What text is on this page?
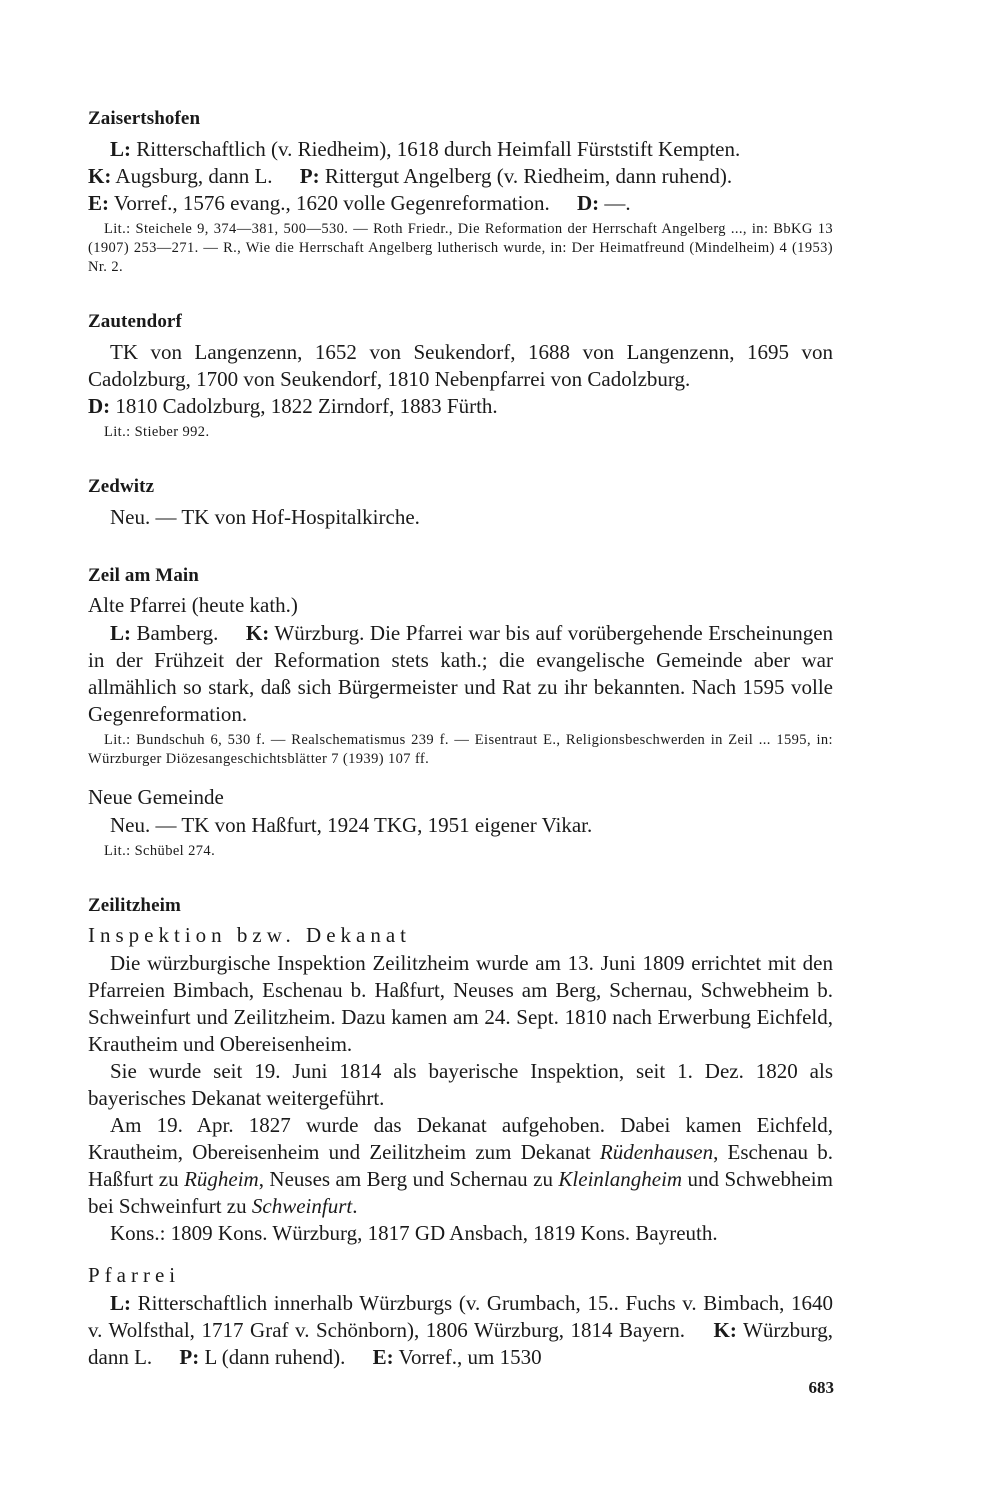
Zaisertshofen

L: Ritterschaftlich (v. Riedheim), 1618 durch Heimfall Fürststift Kempten.

K: Augsburg, dann L. P: Rittergut Angelberg (v. Riedheim, dann ruhend).

E: Vorref., 1576 evang., 1620 volle Gegenreformation. D: —.

Lit.: Steichele 9, 374—381, 500—530. — Roth Friedr., Die Reformation der Herrschaft Angelberg ..., in: BbKG 13 (1907) 253—271. — R., Wie die Herrschaft Angelberg lutherisch wurde, in: Der Heimatfreund (Mindelheim) 4 (1953) Nr. 2.

Zautendorf

TK von Langenzenn, 1652 von Seukendorf, 1688 von Langenzenn, 1695 von Cadolzburg, 1700 von Seukendorf, 1810 Nebenpfarrei von Cadolzburg.

D: 1810 Cadolzburg, 1822 Zirndorf, 1883 Fürth.

Lit.: Stieber 992.

Zedwitz

Neu. — TK von Hof-Hospitalkirche.

Zeil am Main
Alte Pfarrei (heute kath.)

L: Bamberg. K: Würzburg. Die Pfarrei war bis auf vorübergehende Erscheinungen in der Frühzeit der Reformation stets kath.; die evangelische Gemeinde aber war allmählich so stark, daß sich Bürgermeister und Rat zu ihr bekannten. Nach 1595 volle Gegenreformation.

Lit.: Bundschuh 6, 530 f. — Realschematismus 239 f. — Eisentraut E., Religionsbeschwerden in Zeil ... 1595, in: Würzburger Diözesangeschichtsblätter 7 (1939) 107 ff.

Neue Gemeinde

Neu. — TK von Haßfurt, 1924 TKG, 1951 eigener Vikar.

Lit.: Schübel 274.

Zeilitzheim
Inspektion bzw. Dekanat

Die würzburgische Inspektion Zeilitzheim wurde am 13. Juni 1809 errichtet mit den Pfarreien Bimbach, Eschenau b. Haßfurt, Neuses am Berg, Schernau, Schwebheim b. Schweinfurt und Zeilitzheim. Dazu kamen am 24. Sept. 1810 nach Erwerbung Eichfeld, Krautheim und Obereisenheim.

Sie wurde seit 19. Juni 1814 als bayerische Inspektion, seit 1. Dez. 1820 als bayerisches Dekanat weitergeführt.

Am 19. Apr. 1827 wurde das Dekanat aufgehoben. Dabei kamen Eichfeld, Krautheim, Obereisenheim und Zeilitzheim zum Dekanat Rüdenhausen, Eschenau b. Haßfurt zu Rügheim, Neuses am Berg und Schernau zu Kleinlangheim und Schwebheim bei Schweinfurt zu Schweinfurt.

Kons.: 1809 Kons. Würzburg, 1817 GD Ansbach, 1819 Kons. Bayreuth.

Pfarrei

L: Ritterschaftlich innerhalb Würzburgs (v. Grumbach, 15.. Fuchs v. Bimbach, 1640 v. Wolfsthal, 1717 Graf v. Schönborn), 1806 Würzburg, 1814 Bayern. K: Würzburg, dann L. P: L (dann ruhend). E: Vorref., um 1530

683
